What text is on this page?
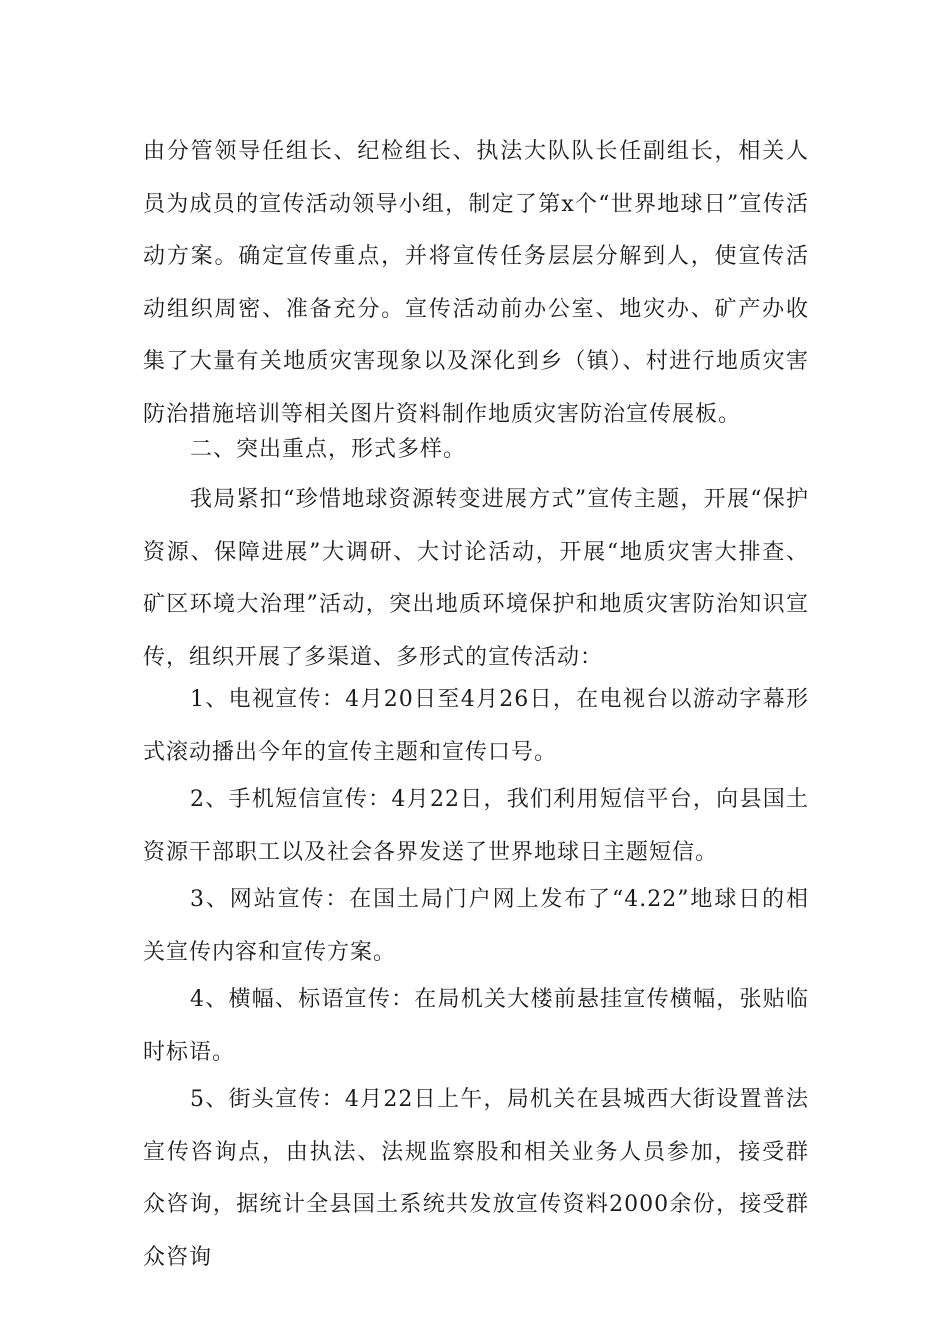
由分管领导任组长、纪检组长、执法大队队长任副组长，相关人员为成员的宣传活动领导小组，制定了第x个“世界地球日”宣传活动方案。确定宣传重点，并将宣传任务层层分解到人，使宣传活动组织周密、准备充分。宣传活动前办公室、地灾办、矿产办收集了大量有关地质灾害现象以及深化到乡（镇）、村进行地质灾害防治措施培训等相关图片资料制作地质灾害防治宣传展板。

二、突出重点，形式多样。

我局紧扣“珍惜地球资源转变进展方式”宣传主题，开展“保护资源、保障进展”大调研、大讨论活动，开展“地质灾害大排查、矿区环境大治理”活动，突出地质环境保护和地质灾害防治知识宣传，组织开展了多渠道、多形式的宣传活动：

1、电视宣传：4月20日至4月26日，在电视台以游动字幕形式滚动播出今年的宣传主题和宣传口号。

2、手机短信宣传：4月22日，我们利用短信平台，向县国土资源干部职工以及社会各界发送了世界地球日主题短信。

3、网站宣传：在国土局门户网上发布了“4.22”地球日的相关宣传内容和宣传方案。

4、横幅、标语宣传：在局机关大楼前悬挂宣传横幅，张贴临时标语。

5、街头宣传：4月22日上午，局机关在县城西大街设置普法宣传咨询点，由执法、法规监察股和相关业务人员参加，接受群众咨询，据统计全县国土系统共发放宣传资料2000余份，接受群众咨询
